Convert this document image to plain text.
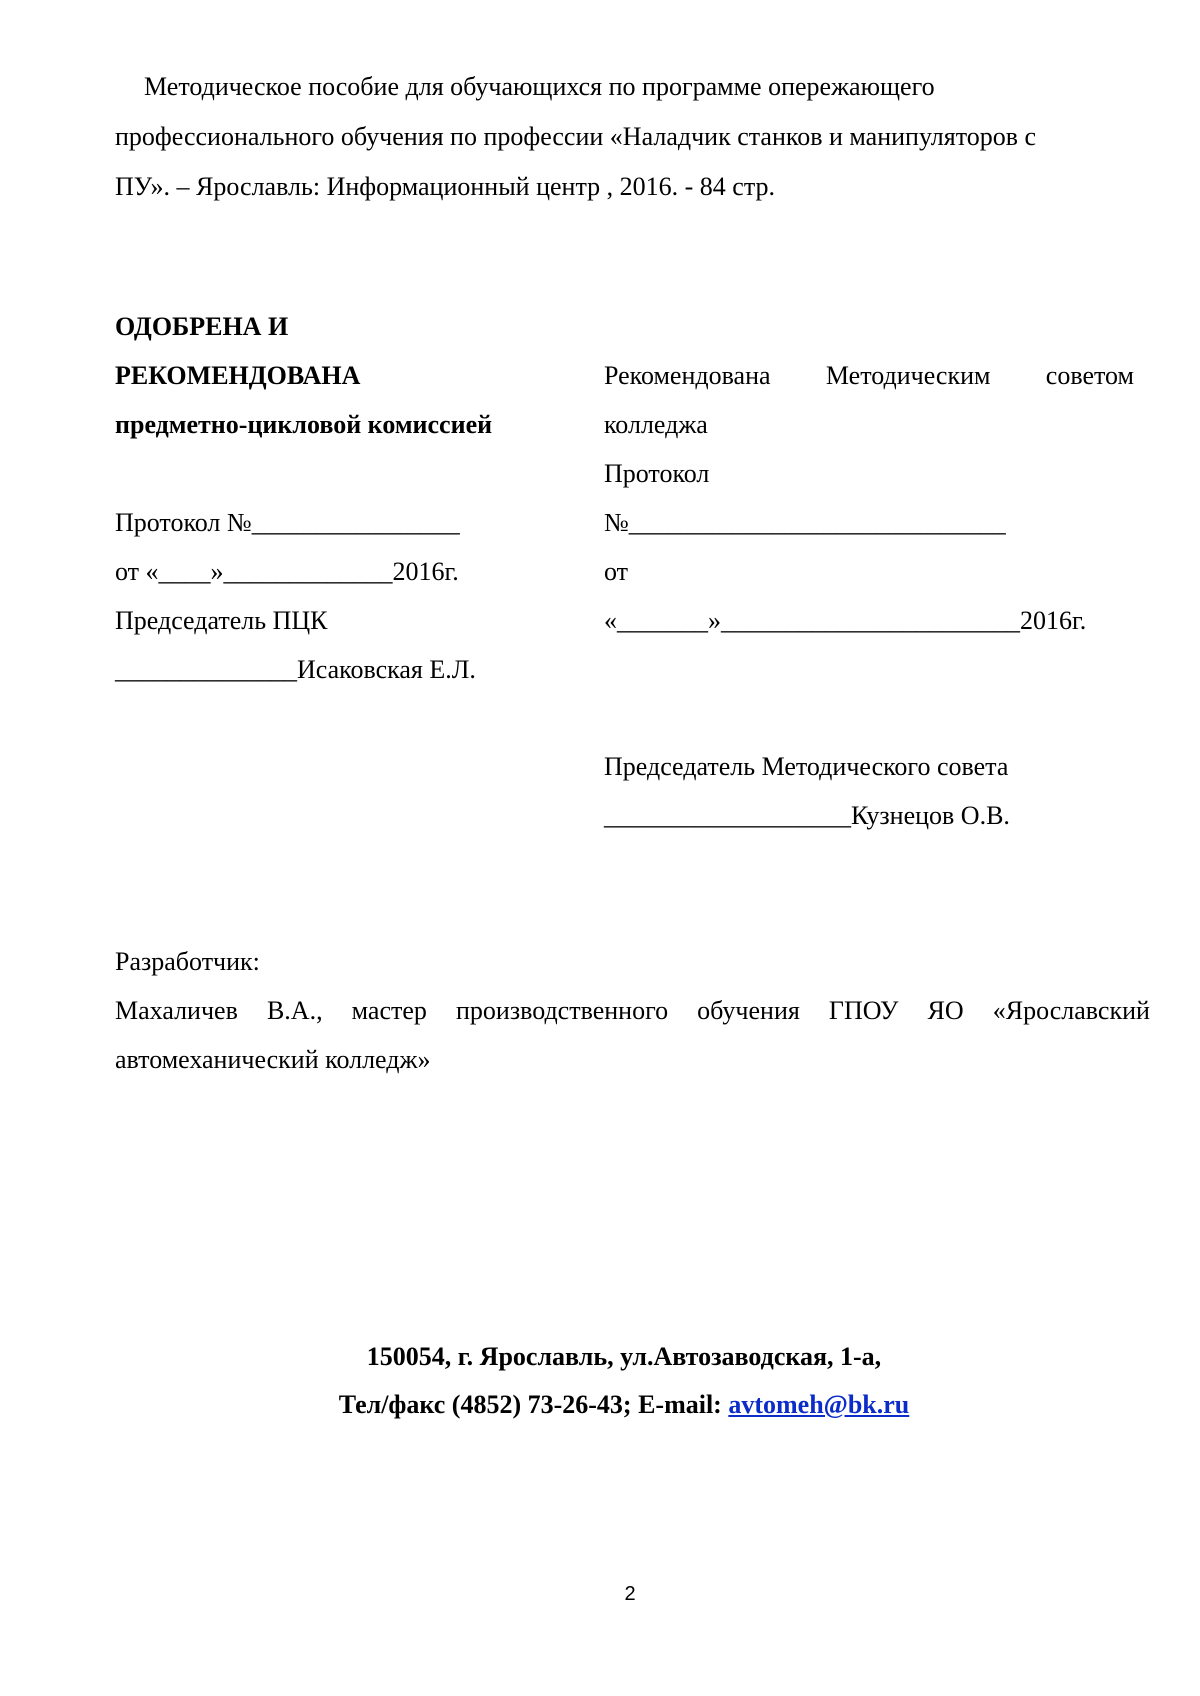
Методическое пособие для обучающихся по программе опережающего
профессионального обучения по профессии «Наладчик станков и манипуляторов с
ПУ». – Ярославль: Информационный центр , 2016. - 84 стр.
ОДОБРЕНА И
РЕКОМЕНДОВАНА
предметно-цикловой комиссией
Протокол №________________
от «____»_____________2016г.
Председатель ПЦК
______________Исаковская Е.Л.
Рекомендована Методическим советом
колледжа
Протокол
№_____________________________
от
«_______»_______________________2016г.
Председатель Методического совета
___________________Кузнецов О.В.
Разработчик:
Махаличев В.А., мастер производственного обучения ГПОУ ЯО «Ярославский
автомеханический колледж»
150054, г. Ярославль, ул.Автозаводская, 1-а,
Тел/факс (4852) 73-26-43; E-mail: avtomeh@bk.ru
2
